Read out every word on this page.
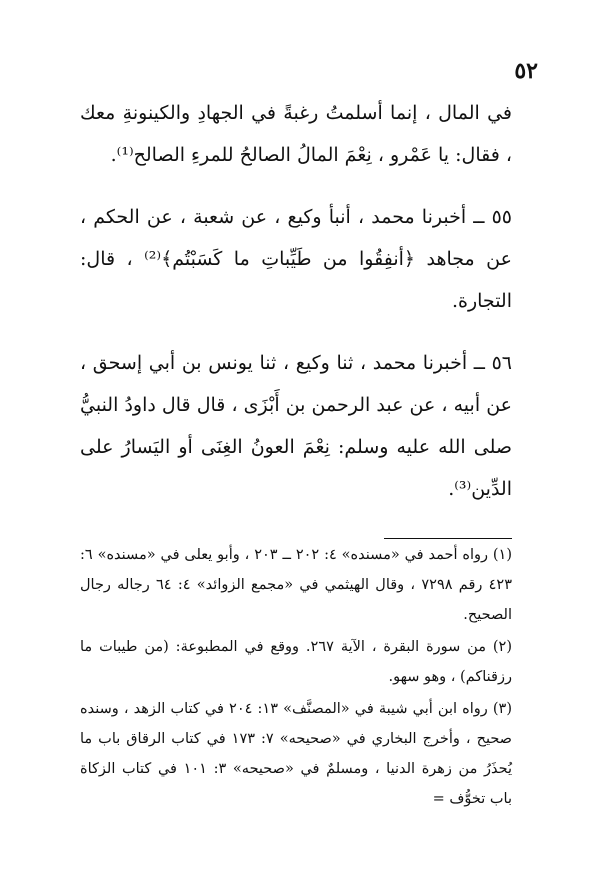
٥٢

في المال ، إنما أسلمتُ رغبةً في الجهادِ والكينونةِ معك ، فقال: يا عَمْرو ، نِعْمَ المالُ الصالحُ للمرءِ الصالح⁽¹⁾.

٥٥ ــ أخبرنا محمد ، أنبأ وكيع ، عن شعبة ، عن الحكم ، عن مجاهد ﴿أنفِقُوا من طَيِّباتِ ما كَسَبْتُم﴾⁽²⁾ ، قال: التجارة.

٥٦ ــ أخبرنا محمد ، ثنا وكيع ، ثنا يونس بن أبي إسحق ، عن أبيه ، عن عبد الرحمن بن أَبْزَى ، قال قال داودُ النبيُّ صلى الله عليه وسلم: نِعْمَ العونُ الغِنَى أو اليَسارُ على الدِّين⁽³⁾.

(١) رواه أحمد في «مسنده» ٤: ٢٠٢ ــ ٢٠٣ ، وأبو يعلى في «مسنده» ٦: ٤٢٣ رقم ٧٢٩٨ ، وقال الهيثمي في «مجمع الزوائد» ٤: ٦٤ رجاله رجال الصحيح.

(٢) من سورة البقرة ، الآية ٢٦٧. ووقع في المطبوعة: (من طيبات ما رزقناكم) ، وهو سهو.

(٣) رواه ابن أبي شيبة في «المصنَّف» ١٣: ٢٠٤ في كتاب الزهد ، وسنده صحيح ، وأخرج البخاري في «صحيحه» ٧: ١٧٣ في كتاب الرقاق باب ما يُحذَرُ من زهرة الدنيا ، ومسلمٌ في «صحيحه» ٣: ١٠١ في كتاب الزكاة باب تخوُّف =
